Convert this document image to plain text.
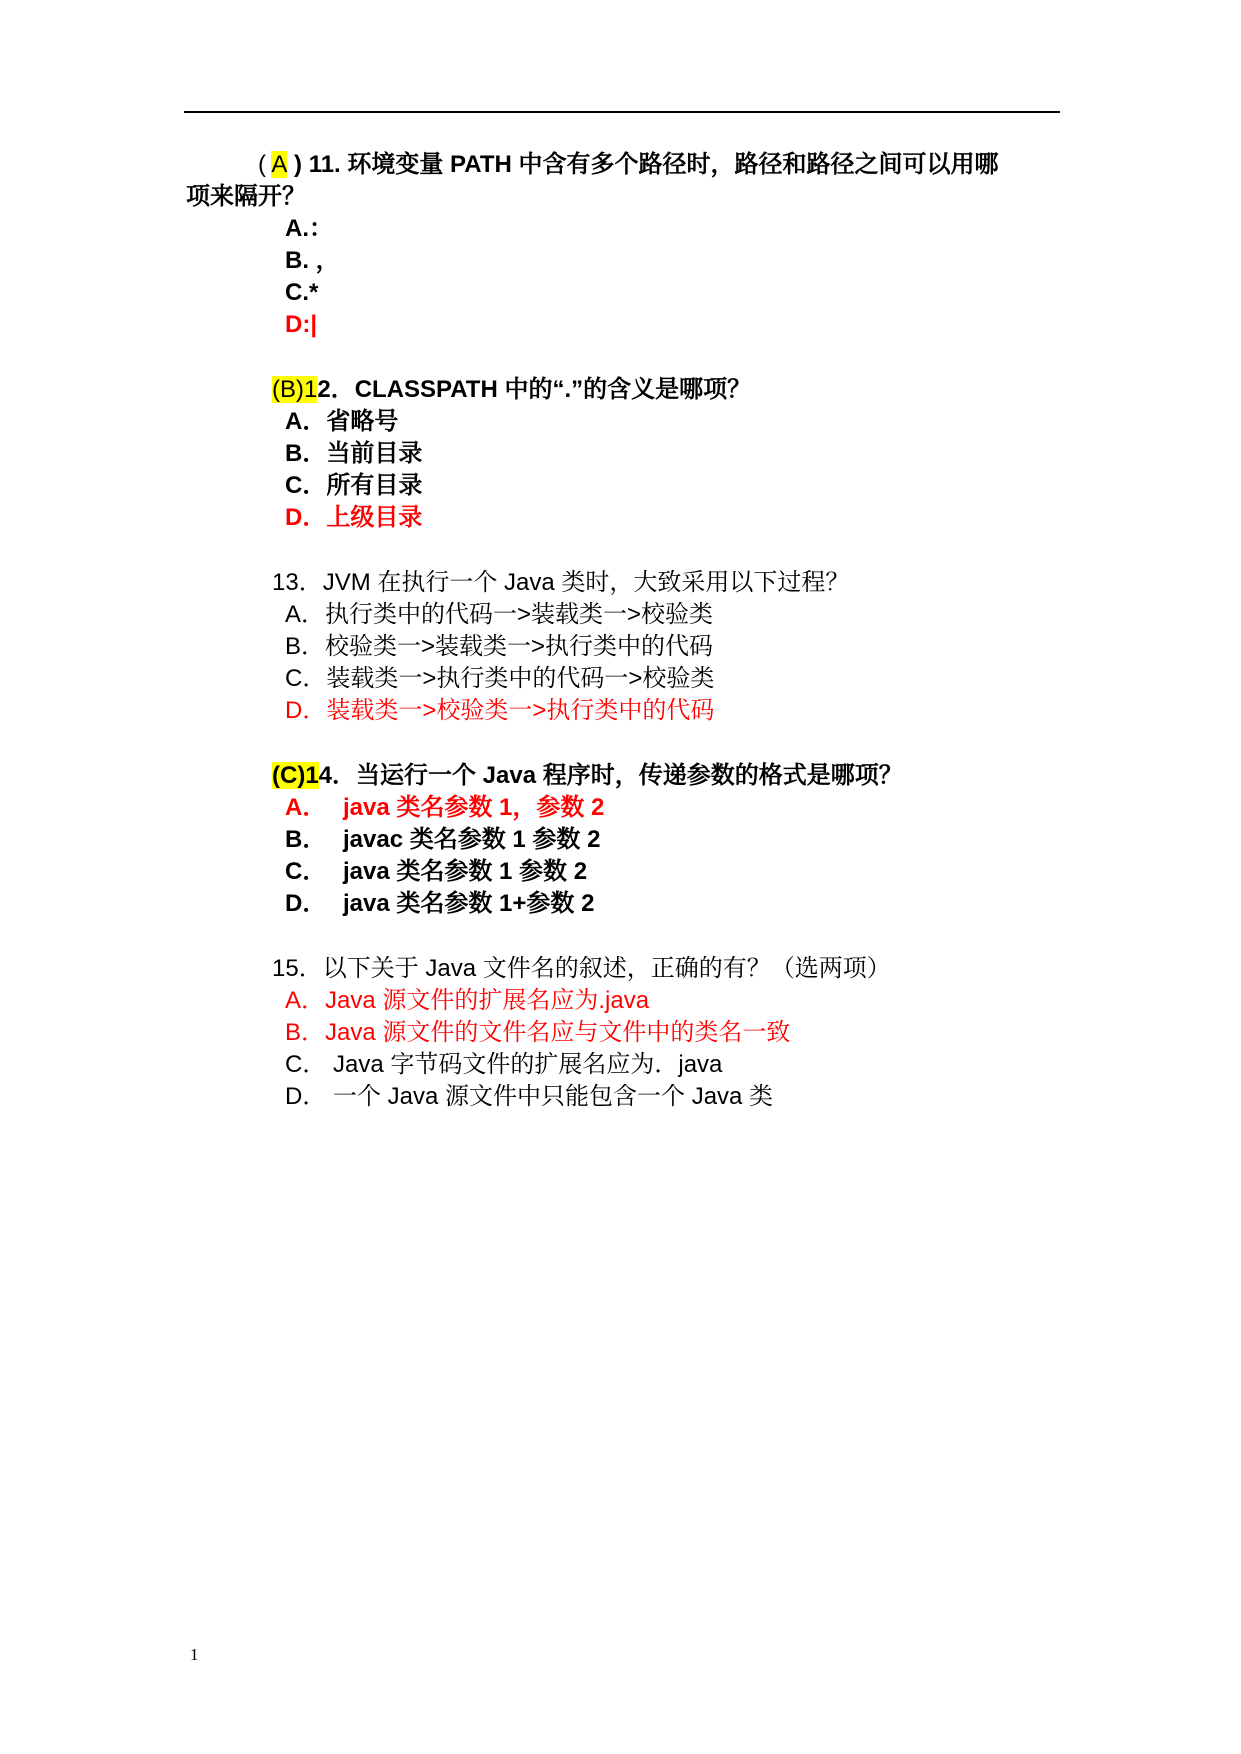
( A ) 11. 环境变量 PATH 中含有多个路径时，路径和路径之间可以用哪
项来隔开？
A.：
B. ，
C.*
D:|
(B)12．CLASSPATH 中的“.”的含义是哪项？
A．省略号
B．当前目录
C．所有目录
D．上级目录
13．JVM 在执行一个 Java 类时，大致采用以下过程？
A．执行类中的代码一>装载类一>校验类
B．校验类一>装载类一>执行类中的代码
C．装载类一>执行类中的代码一>校验类
D．装载类一>校验类一>执行类中的代码
(C)14．当运行一个 Java 程序时，传递参数的格式是哪项？
A． java 类名参数 1，参数 2
B． javac 类名参数 1 参数 2
C． java 类名参数 1 参数 2
D． java 类名参数 1+参数 2
15．以下关于 Java 文件名的叙述，正确的有？（选两项）
A．Java 源文件的扩展名应为.java
B．Java 源文件的文件名应与文件中的类名一致
C． Java 字节码文件的扩展名应为．java
D． 一个 Java 源文件中只能包含一个 Java 类
1
